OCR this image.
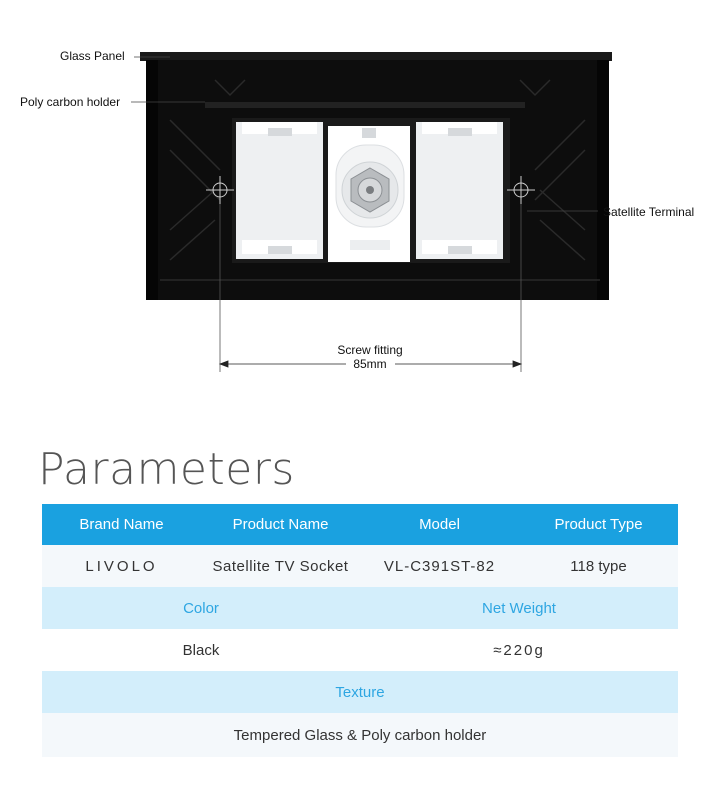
Glass Panel
Poly carbon holder
Satellite Terminal
Screw fitting
85mm
Parameters
Brand Name	Product Name	Model	Product Type
LIVOLO	Satellite TV Socket	VL-C391ST-82	118 type
Color	Net Weight
Black	≈220g
Texture
Tempered Glass & Poly carbon holder
